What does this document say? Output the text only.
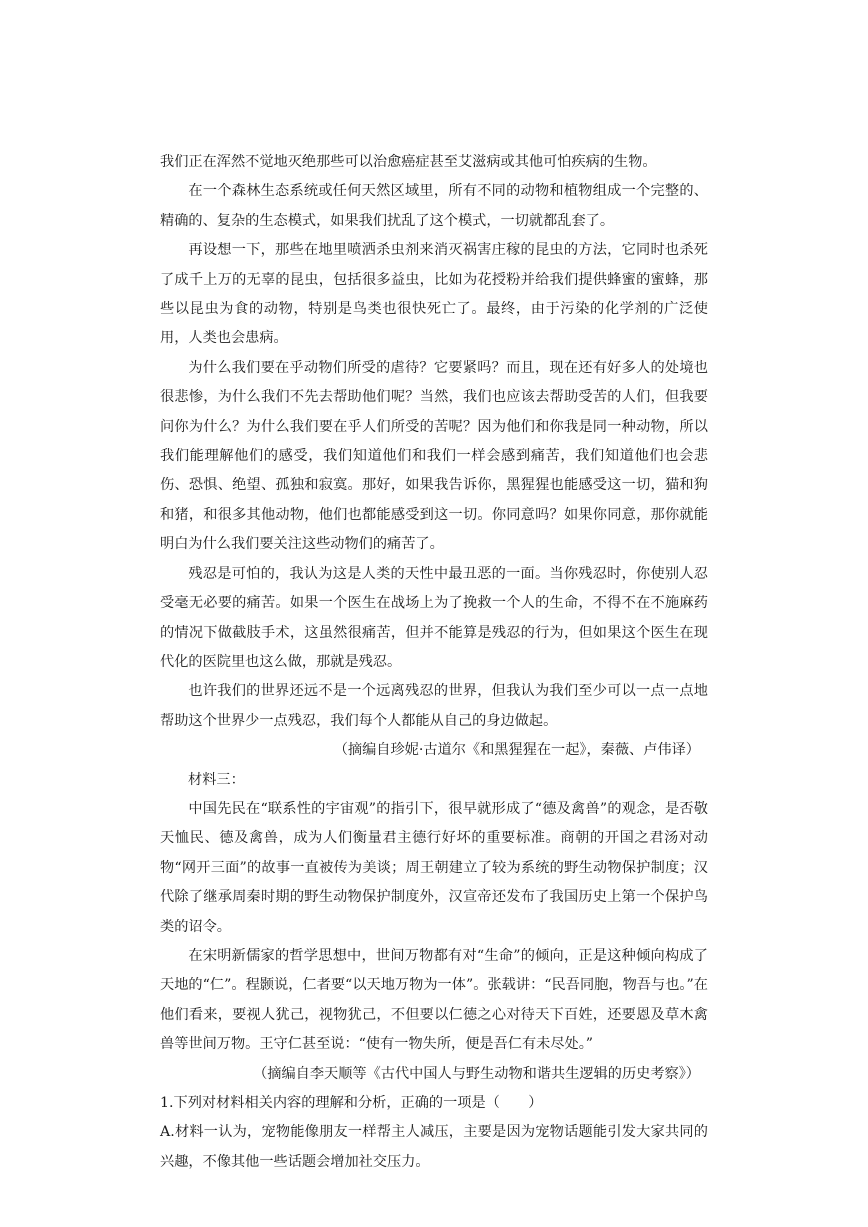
我们正在浑然不觉地灭绝那些可以治愈癌症甚至艾滋病或其他可怕疾病的生物。

在一个森林生态系统或任何天然区域里，所有不同的动物和植物组成一个完整的、精确的、复杂的生态模式，如果我们扰乱了这个模式，一切就都乱套了。

再设想一下，那些在地里喷洒杀虫剂来消灭祸害庄稼的昆虫的方法，它同时也杀死了成千上万的无辜的昆虫，包括很多益虫，比如为花授粉并给我们提供蜂蜜的蜜蜂，那些以昆虫为食的动物，特别是鸟类也很快死亡了。最终，由于污染的化学剂的广泛使用，人类也会患病。

为什么我们要在乎动物们所受的虐待？它要紧吗？而且，现在还有好多人的处境也很悲惨，为什么我们不先去帮助他们呢？当然，我们也应该去帮助受苦的人们，但我要问你为什么？为什么我们要在乎人们所受的苦呢？因为他们和你我是同一种动物，所以我们能理解他们的感受，我们知道他们和我们一样会感到痛苦，我们知道他们也会悲伤、恐惧、绝望、孤独和寂寞。那好，如果我告诉你，黑猩猩也能感受这一切，猫和狗和猪，和很多其他动物，他们也都能感受到这一切。你同意吗？如果你同意，那你就能明白为什么我们要关注这些动物们的痛苦了。

残忍是可怕的，我认为这是人类的天性中最丑恶的一面。当你残忍时，你使别人忍受毫无必要的痛苦。如果一个医生在战场上为了挽救一个人的生命，不得不在不施麻药的情况下做截肢手术，这虽然很痛苦，但并不能算是残忍的行为，但如果这个医生在现代化的医院里也这么做，那就是残忍。

也许我们的世界还远不是一个远离残忍的世界，但我认为我们至少可以一点一点地帮助这个世界少一点残忍，我们每个人都能从自己的身边做起。

（摘编自珍妮·古道尔《和黑猩猩在一起》，秦薇、卢伟译）

材料三：

中国先民在“联系性的宇宙观”的指引下，很早就形成了“德及禽兽”的观念，是否敬天恤民、德及禽兽，成为人们衡量君主德行好坏的重要标准。商朝的开国之君汤对动物“网开三面”的故事一直被传为美谈；周王朝建立了较为系统的野生动物保护制度；汉代除了继承周秦时期的野生动物保护制度外，汉宣帝还发布了我国历史上第一个保护鸟类的诏令。

在宋明新儒家的哲学思想中，世间万物都有对“生命”的倾向，正是这种倾向构成了天地的“仁”。程颢说，仁者要“以天地万物为一体”。张载讲：“民吾同胞，物吾与也。”在他们看来，要视人犹己，视物犹己，不但要以仁德之心对待天下百姓，还要恩及草木禽兽等世间万物。王守仁甚至说：“使有一物失所，便是吾仁有未尽处。”

（摘编自李天顺等《古代中国人与野生动物和谐共生逻辑的历史考察》）

1.下列对材料相关内容的理解和分析，正确的一项是（　　）

A.材料一认为，宠物能像朋友一样帮主人减压，主要是因为宠物话题能引发大家共同的兴趣，不像其他一些话题会增加社交压力。
